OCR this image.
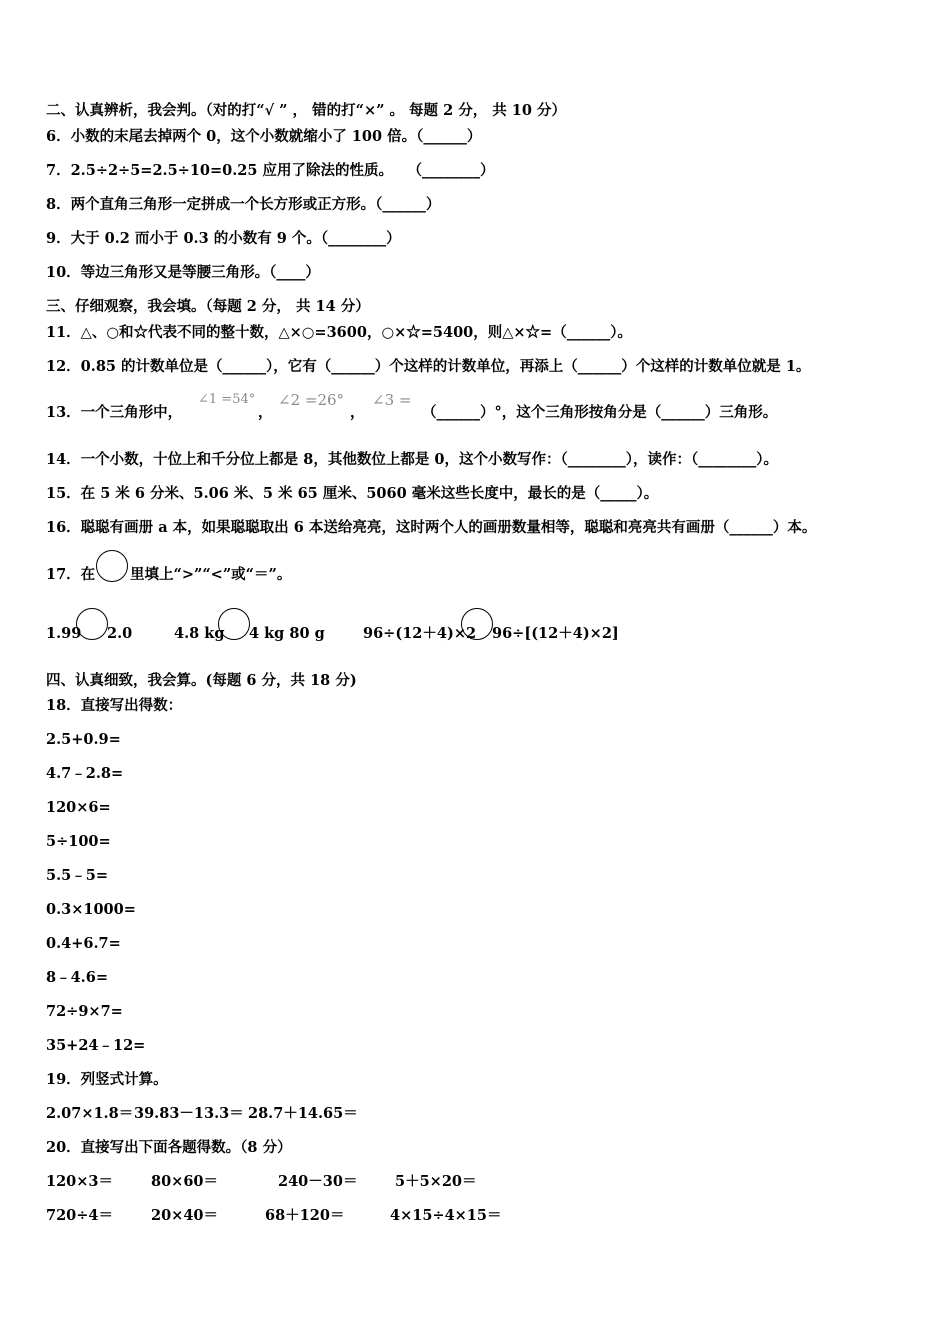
二、认真辨析，我会判。（对的打“√ ” ， 错的打“×” 。 每题 2 分， 共 10 分）
6．小数的末尾去掉两个 0，这个小数就缩小了 100 倍。（______）
7．2.5÷2÷5=2.5÷10=0.25 应用了除法的性质。　　（________）
8．两个直角三角形一定拼成一个长方形或正方形。（______）
9．大于 0.2 而小于 0.3 的小数有 9 个。（________）
10．等边三角形又是等腰三角形。（____）
三、仔细观察，我会填。（每题 2 分， 共 14 分）
11．△、○和☆代表不同的整十数，△×○=3600，○×☆=5400，则△×☆=（______）。
12．0.85 的计数单位是（______），它有（______）个这样的计数单位，再添上（______）个这样的计数单位就是 1。
13．一个三角形中，
∠1 =54°
，
∠2 =26°
，
∠3 =
（______）°，这个三角形按角分是（______）三角形。
14．一个小数，十位上和千分位上都是 8，其他数位上都是 0，这个小数写作：（________），读作：（________）。
15．在 5 米 6 分米、5.06 米、5 米 65 厘米、5060 毫米这些长度中，最长的是（_____）。
16．聪聪有画册 a 本，如果聪聪取出 6 本送给亮亮，这时两个人的画册数量相等，聪聪和亮亮共有画册（______）本。
17．在 里填上“>”“<”或“＝”。
1.99 2.0	4.8 kg 4 kg 80 g	96÷(12＋4)×2 96÷[(12＋4)×2]
四、认真细致，我会算。(每题 6 分，共 18 分)
18．直接写出得数：
2.5+0.9=
4.7﹣2.8=
120×6=
5÷100=
5.5﹣5=
0.3×1000=
0.4+6.7=
8﹣4.6=
72÷9×7=
35+24﹣12=
19．列竖式计算。
2.07×1.8＝ 39.83－13.3＝ 28.7＋14.65＝
20．直接写出下面各题得数。（8 分）
120×3＝	80×60＝	240－30＝	5＋5×20＝
720÷4＝	20×40＝	68＋120＝	4×15÷4×15＝
